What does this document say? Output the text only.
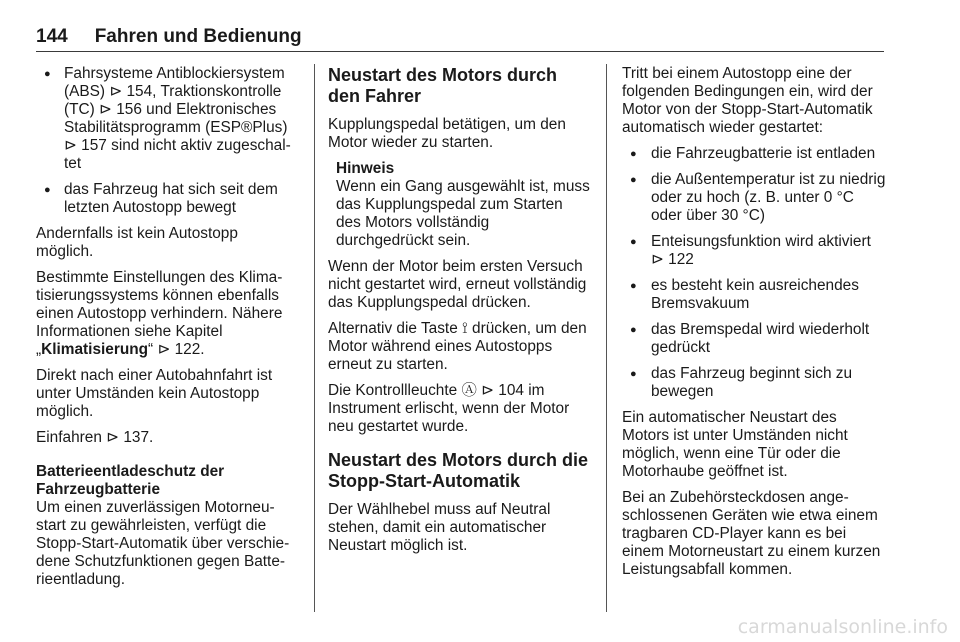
144 Fahren und Bedienung
● Fahrsysteme Antiblockiersystem (ABS) ⊳ 154, Traktionskontrolle (TC) ⊳ 156 und Elektronisches Stabilitätsprogramm (ESP®Plus) ⊳ 157 sind nicht aktiv zugeschaltet
● das Fahrzeug hat sich seit dem letzten Autostopp bewegt

Andernfalls ist kein Autostopp möglich.

Bestimmte Einstellungen des Klimatisierungssystems können ebenfalls einen Autostopp verhindern. Nähere Informationen siehe Kapitel „Klimatisierung“ ⊳ 122.

Direkt nach einer Autobahnfahrt ist unter Umständen kein Autostopp möglich.

Einfahren ⊳ 137.

Batterieentladeschutz der Fahrzeugbatterie

Um einen zuverlässigen Motorneustart zu gewährleisten, verfügt die Stopp-Start-Automatik über verschiedene Schutzfunktionen gegen Batterieentladung.

Neustart des Motors durch den Fahrer

Kupplungspedal betätigen, um den Motor wieder zu starten.

Hinweis
Wenn ein Gang ausgewählt ist, muss das Kupplungspedal zum Starten des Motors vollständig durchgedrückt sein.

Wenn der Motor beim ersten Versuch nicht gestartet wird, erneut vollständig das Kupplungspedal drücken.

Alternativ die Taste ⟟ drücken, um den Motor während eines Autostopps erneut zu starten.

Die Kontrollleuchte Ⓐ ⊳ 104 im Instrument erlischt, wenn der Motor neu gestartet wurde.

Neustart des Motors durch die Stopp-Start-Automatik

Der Wählhebel muss auf Neutral stehen, damit ein automatischer Neustart möglich ist.

Tritt bei einem Autostopp eine der folgenden Bedingungen ein, wird der Motor von der Stopp-Start-Automatik automatisch wieder gestartet:

● die Fahrzeugbatterie ist entladen
● die Außentemperatur ist zu niedrig oder zu hoch (z. B. unter 0 °C oder über 30 °C)
● Enteisungsfunktion wird aktiviert ⊳ 122
● es besteht kein ausreichendes Bremsvakuum
● das Bremspedal wird wiederholt gedrückt
● das Fahrzeug beginnt sich zu bewegen

Ein automatischer Neustart des Motors ist unter Umständen nicht möglich, wenn eine Tür oder die Motorhaube geöffnet ist.

Bei an Zubehörsteckdosen angeschlossenen Geräten wie etwa einem tragbaren CD-Player kann es bei einem Motorneustart zu einem kurzen Leistungsabfall kommen.

carmanualsonline.info
